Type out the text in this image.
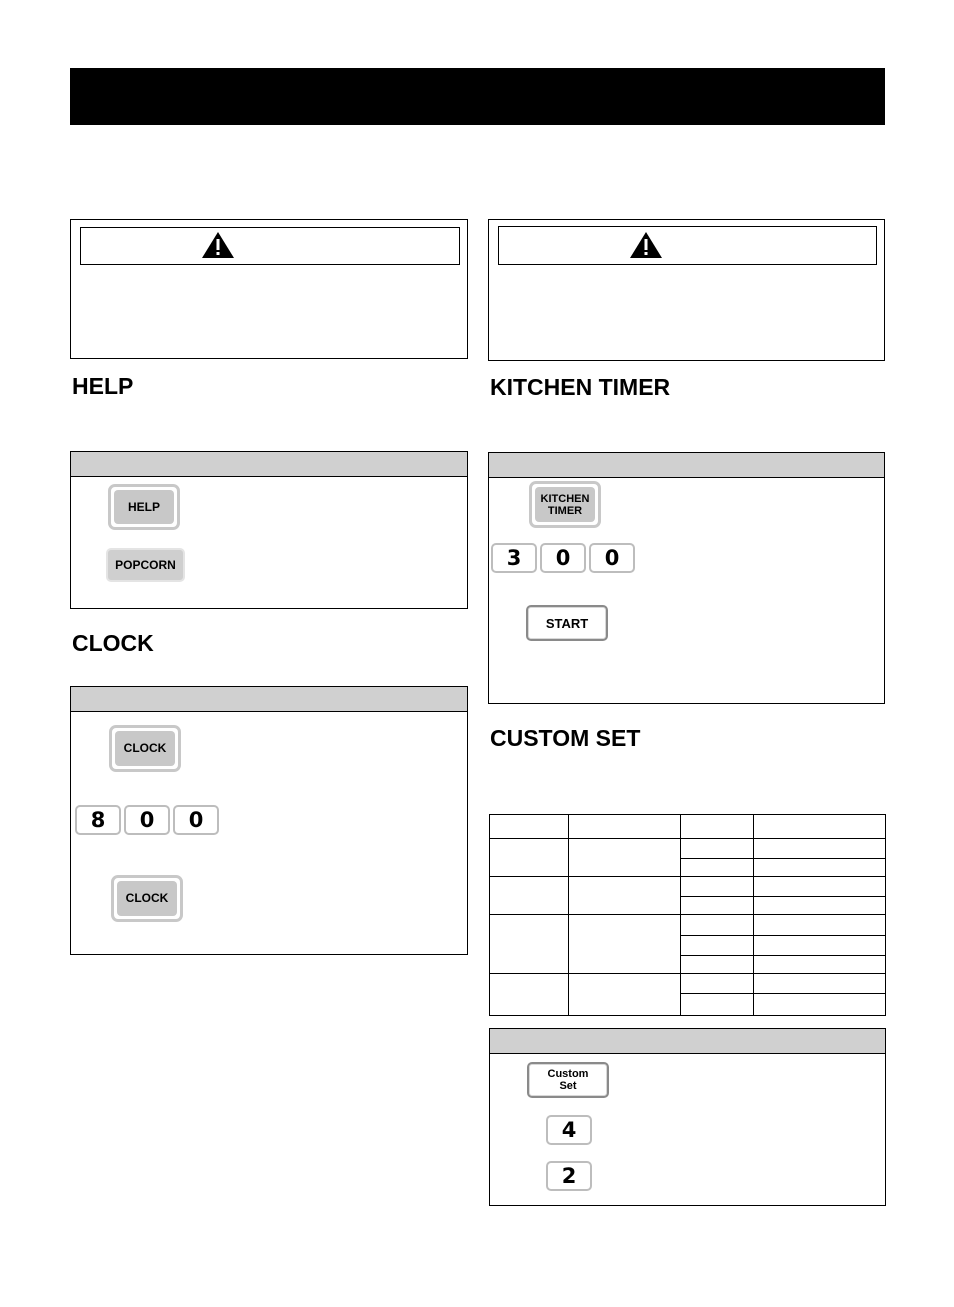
HELP
HELP
POPCORN
CLOCK
CLOCK
8	0	0
CLOCK
KITCHEN TIMER
KITCHEN
TIMER
3	0	0
START
CUSTOM SET
Custom
Set
4
2
